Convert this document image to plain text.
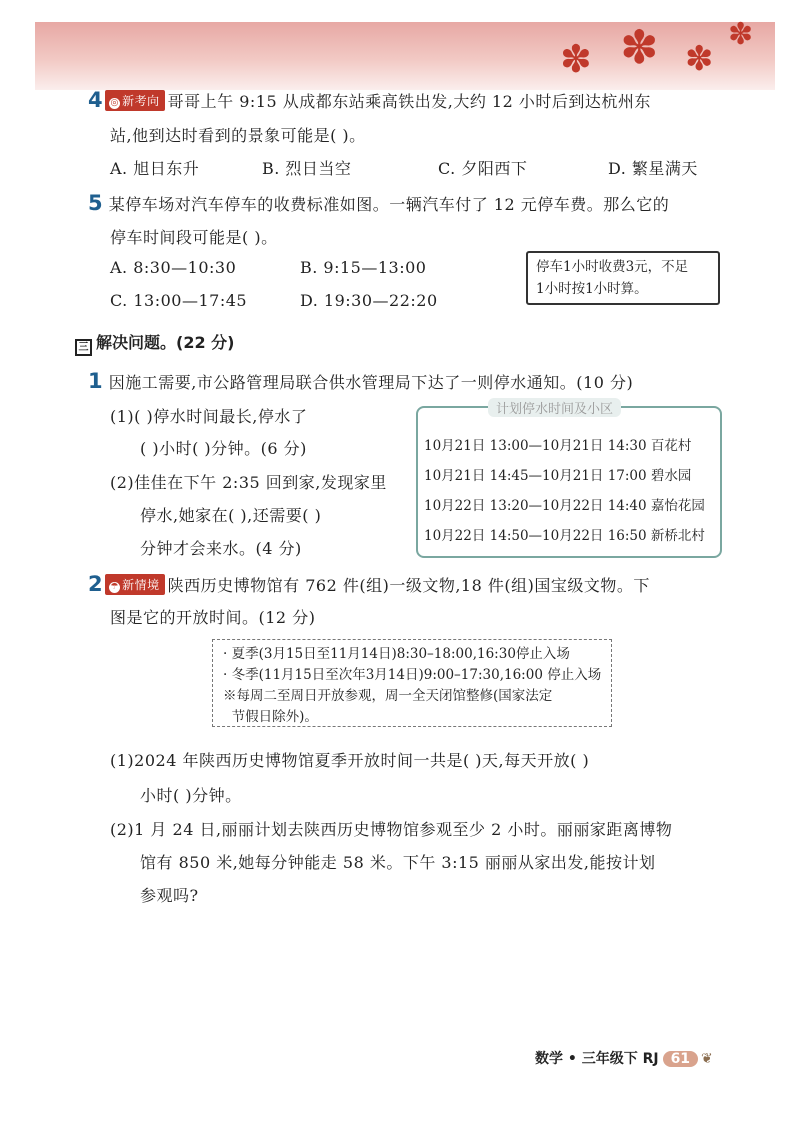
✽ ✽ ✽
✽
4 ◎ 新考向 哥哥上午 9:15 从成都东站乘高铁出发,大约 12 小时后到达杭州东
站,他到达时看到的景象可能是( )。
A. 旭日东升	B. 烈日当空	C. 夕阳西下	D. 繁星满天
5 某停车场对汽车停车的收费标准如图。一辆汽车付了 12 元停车费。那么它的
停车时间段可能是( )。
A. 8:30—10:30	B. 9:15—13:00
C. 13:00—17:45	D. 19:30—22:20
停车1小时收费3元，不足
1小时按1小时算。
三 解决问题。(22 分)
1 因施工需要,市公路管理局联合供水管理局下达了一则停水通知。(10 分)
(1)( )停水时间最长,停水了
( )小时( )分钟。(6 分)
(2)佳佳在下午 2:35 回到家,发现家里
停水,她家在( ),还需要( )
分钟才会来水。(4 分)
计划停水时间及小区
10月21日 13:00—10月21日 14:30 百花村
10月21日 14:45—10月21日 17:00 碧水园
10月22日 13:20—10月22日 14:40 嘉怡花园
10月22日 14:50—10月22日 16:50 新桥北村
2 ☂ 新情境 陕西历史博物馆有 762 件(组)一级文物,18 件(组)国宝级文物。下
图是它的开放时间。(12 分)
· 夏季(3月15日至11月14日)8:30–18:00,16:30停止入场
· 冬季(11月15日至次年3月14日)9:00–17:30,16:00 停止入场
※每周二至周日开放参观，周一全天闭馆整修(国家法定
节假日除外)。
(1)2024 年陕西历史博物馆夏季开放时间一共是( )天,每天开放( )
小时( )分钟。
(2)1 月 24 日,丽丽计划去陕西历史博物馆参观至少 2 小时。丽丽家距离博物
馆有 850 米,她每分钟能走 58 米。下午 3:15 丽丽从家出发,能按计划
参观吗?
数学 • 三年级下 RJ 61 ❦
